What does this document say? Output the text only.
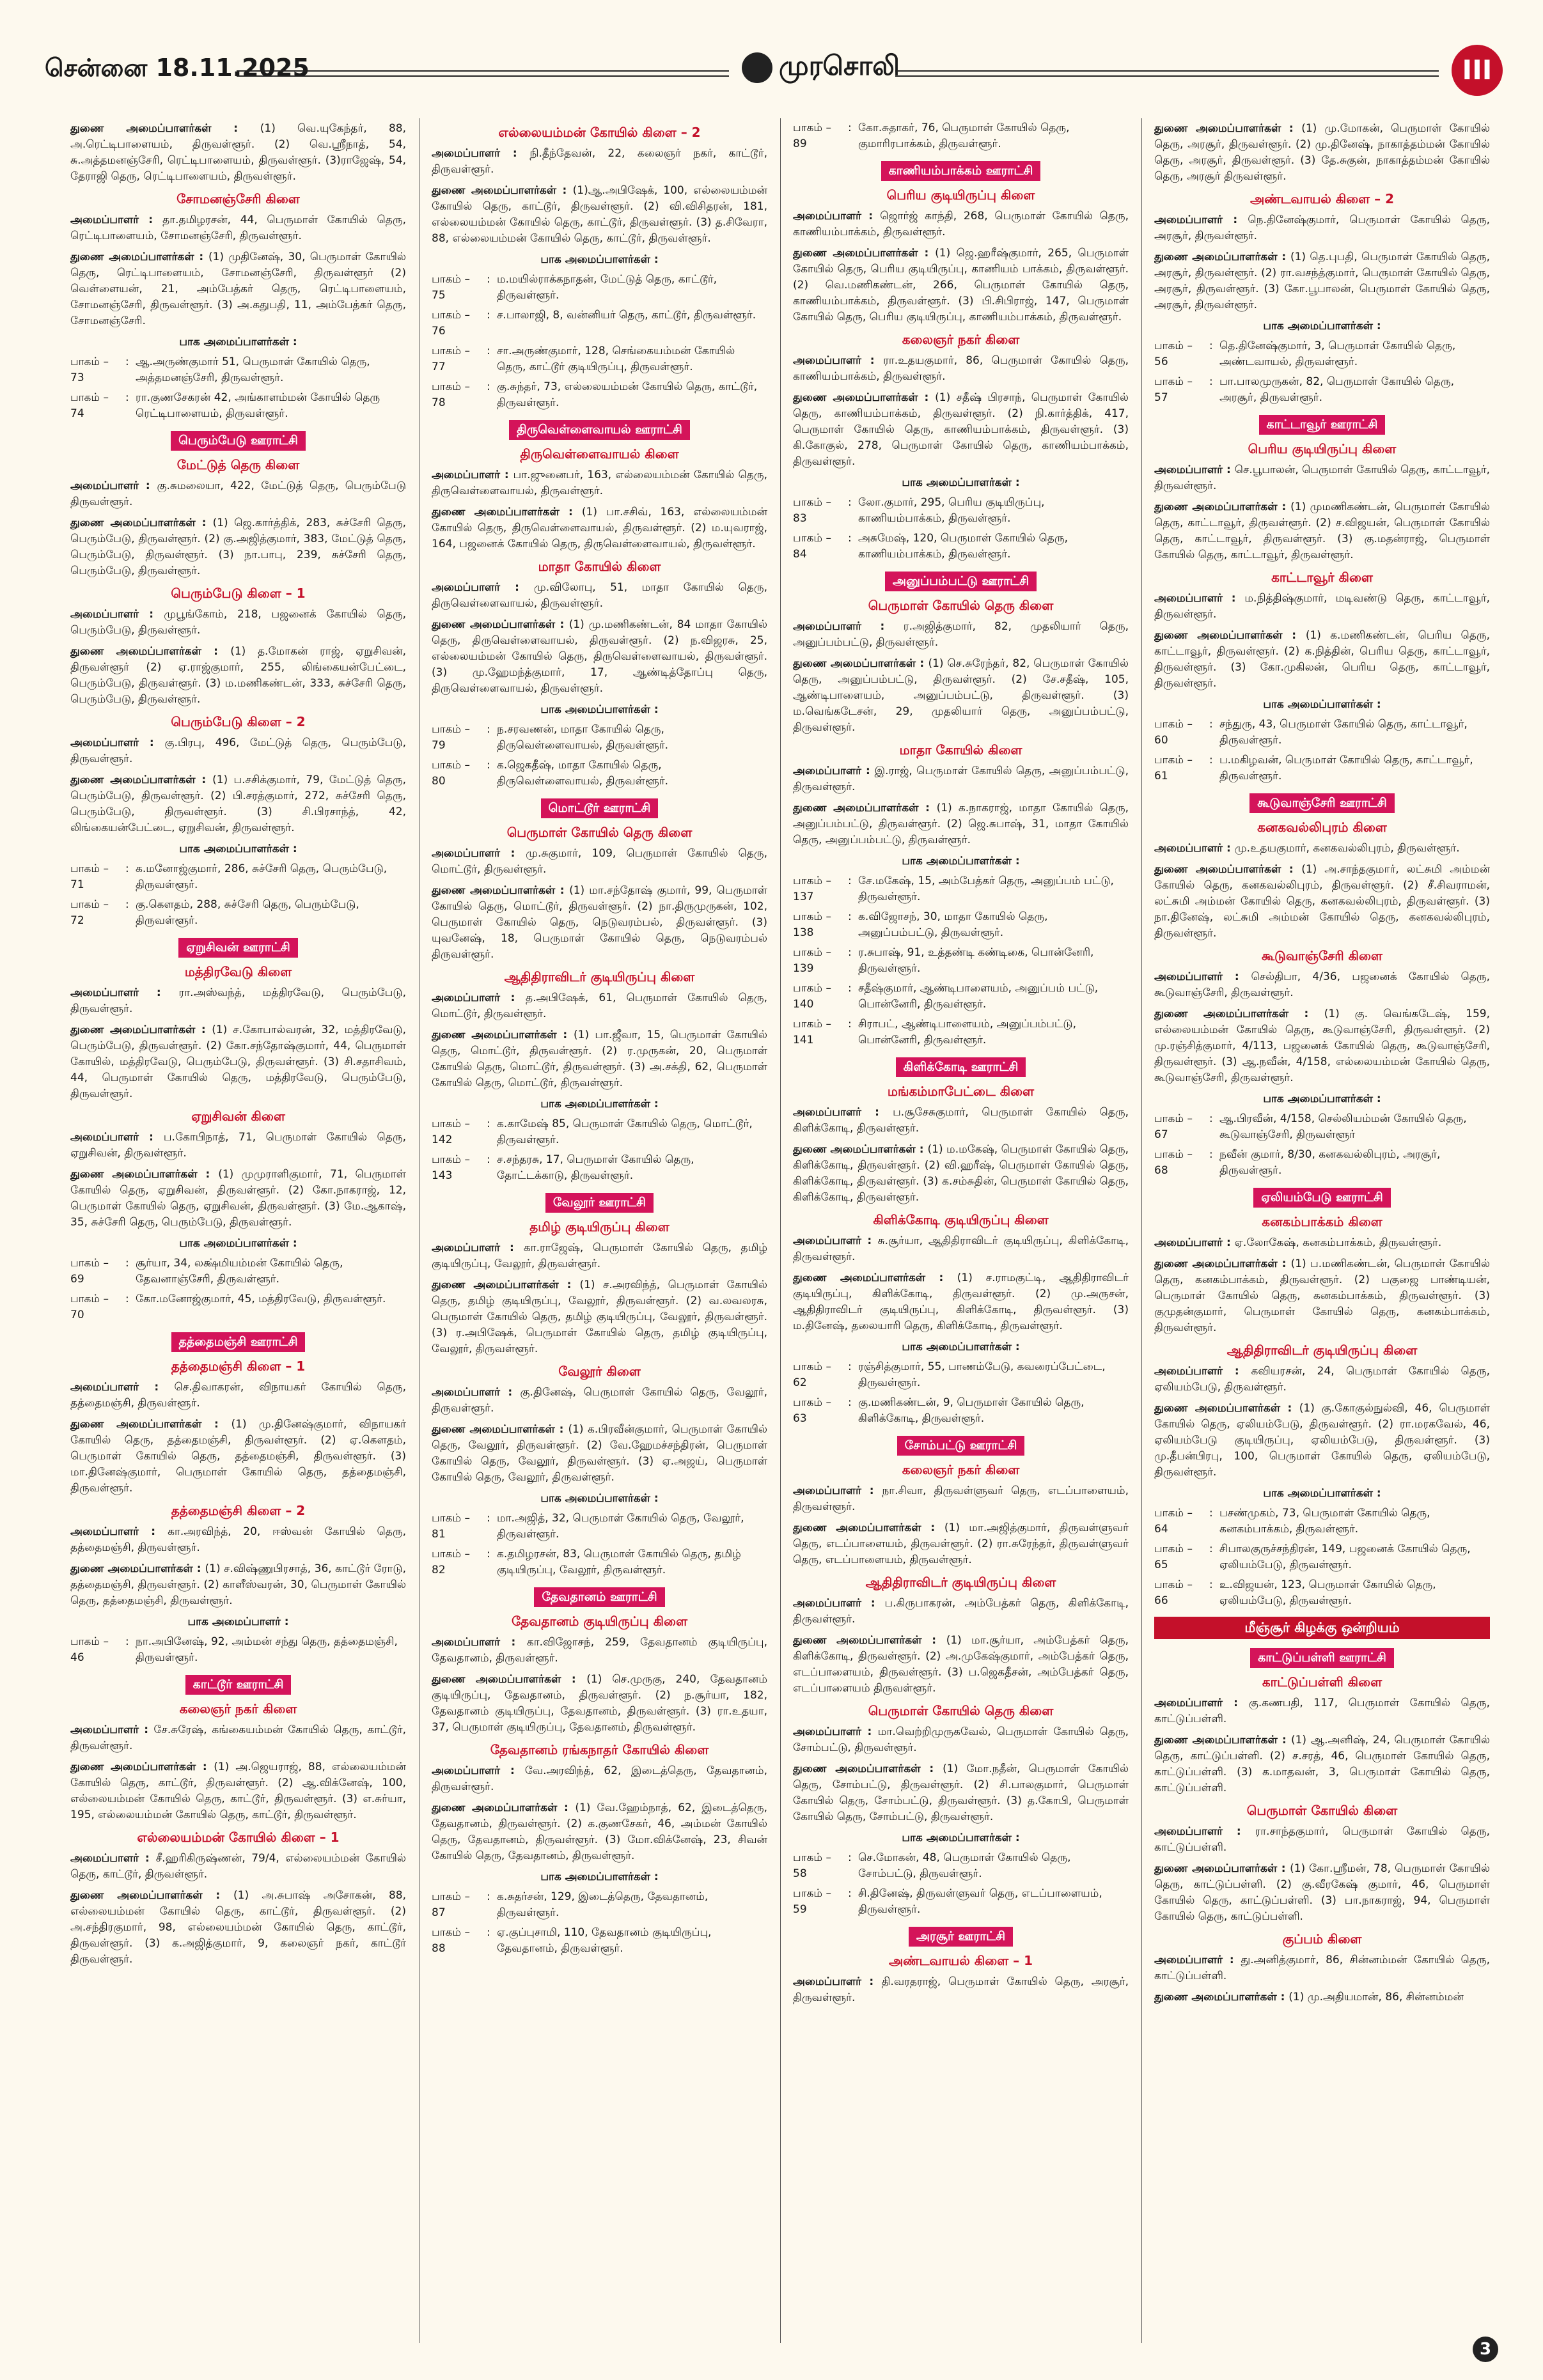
சென்னை 18.11.2025	முரசொலி	III
துணை அமைப்பாளர்கள் : (1) வெ.யுகேந்தர், 88, அ.ரெட்டிபாளையம், திருவள்ளூர். (2) வெ.ஸ்ரீநாத், 54, சு.அத்தமனஞ்சேரி, ரெட்டிபாளையம், திருவள்ளூர். (3)ராஜேஷ், 54, தேராஜி தெரு, ரெட்டிபாளையம், திருவள்ளூர்.
சோமனஞ்சேரி கிளை
அமைப்பாளர் : தா.தமிழரசன், 44, பெருமாள் கோயில் தெரு, ரெட்டிபாளையம், சோமனஞ்சேரி, திருவள்ளூர்.
துணை அமைப்பாளர்கள் : (1) முதினேஷ், 30, பெருமாள் கோயில் தெரு, ரெட்டிபாளையம், சோமனஞ்சேரி, திருவள்ளூர் (2) வெள்ளையன், 21, அம்பேத்கர் தெரு, ரெட்டிபாளையம், சோமனஞ்சேரி, திருவள்ளூர். (3) அ.கதுபதி, 11, அம்பேத்கர் தெரு, சோமனஞ்சேரி.
பாக அமைப்பாளர்கள் :
பாகம் – 73
: ஆ.அருண்குமார் 51, பெருமாள் கோயில் தெரு, அத்தமனஞ்சேரி, திருவள்ளூர்.
பாகம் – 74
: ரா.குணசேகரன் 42, அங்காளம்மன் கோயில் தெரு ரெட்டிபாளையம், திருவள்ளூர்.
பெரும்பேடு ஊராட்சி
மேட்டுத் தெரு கிளை
அமைப்பாளர் : கு.சுமலையா, 422, மேட்டுத் தெரு, பெரும்பேடு திருவள்ளூர்.
துணை அமைப்பாளர்கள் : (1) ஜெ.கார்த்திக், 283, சுச்சேரி தெரு, பெரும்பேடு, திருவள்ளூர். (2) கு.அஜித்குமார், 383, மேட்டுத் தெரு, பெரும்பேடு, திருவள்ளூர். (3) நா.பாபு, 239, சுச்சேரி தெரு, பெரும்பேடு, திருவள்ளூர்.
பெரும்பேடு கிளை – 1
அமைப்பாளர் : முபூங்கோம், 218, பஜனைக் கோயில் தெரு, பெரும்பேடு, திருவள்ளூர்.
துணை அமைப்பாளர்கள் : (1) த.மோகன் ராஜ், ஏறுசிவன், திருவள்ளூர் (2) ஏ.ராஜ்குமார், 255, லிங்கையன்பேட்டை, பெரும்பேடு, திருவள்ளூர். (3) ம.மணிகண்டன், 333, சுச்சேரி தெரு, பெரும்பேடு, திருவள்ளூர்.
பெரும்பேடு கிளை – 2
அமைப்பாளர் : கு.பிரபு, 496, மேட்டுத் தெரு, பெரும்பேடு, திருவள்ளூர்.
துணை அமைப்பாளர்கள் : (1) ப.சசிக்குமார், 79, மேட்டுத் தெரு, பெரும்பேடு, திருவள்ளூர். (2) பி.சரத்குமார், 272, சுச்சேரி தெரு, பெரும்பேடு, திருவள்ளூர். (3) சி.பிரசாந்த், 42, லிங்கையன்பேட்டை, ஏறுசிவன், திருவள்ளூர்.
பாக அமைப்பாளர்கள் :
பாகம் – 71
: க.மனோஜ்குமார், 286, சுச்சேரி தெரு, பெரும்பேடு, திருவள்ளூர்.
பாகம் – 72
: கு.கெளதம், 288, சுச்சேரி தெரு, பெரும்பேடு, திருவள்ளூர்.
ஏறுசிவன் ஊராட்சி
மத்திரவேடு கிளை
அமைப்பாளர் : ரா.அஸ்வந்த், மத்திரவேடு, பெரும்பேடு, திருவள்ளூர்.
துணை அமைப்பாளர்கள் : (1) ச.கோபால்வரன், 32, மத்திரவேடு, பெரும்பேடு, திருவள்ளூர். (2) கோ.சந்தோஷ்குமார், 44, பெருமாள் கோயில், மத்திரவேடு, பெரும்பேடு, திருவள்ளூர். (3) சி.சதாசிவம், 44, பெருமாள் கோயில் தெரு, மத்திரவேடு, பெரும்பேடு, திருவள்ளூர்.
ஏறுசிவன் கிளை
அமைப்பாளர் : ப.கோபிநாத், 71, பெருமாள் கோயில் தெரு, ஏறுசிவன், திருவள்ளூர்.
துணை அமைப்பாளர்கள் : (1) முமுராளிகுமார், 71, பெருமாள் கோயில் தெரு, ஏறுசிவன், திருவள்ளூர். (2) கோ.நாகராஜ், 12, பெருமாள் கோயில் தெரு, ஏறுசிவன், திருவள்ளூர். (3) மே.ஆகாஷ், 35, சுச்சேரி தெரு, பெரும்பேடு, திருவள்ளூர்.
பாக அமைப்பாளர்கள் :
பாகம் – 69
: சூர்யா, 34, லக்ஷ்மியம்மன் கோயில் தெரு, தேவனாஞ்சேரி, திருவள்ளூர்.
பாகம் – 70
: கோ.மனோஜ்குமார், 45, மத்திரவேடு, திருவள்ளூர்.
தத்தைமஞ்சி ஊராட்சி
தத்தைமஞ்சி கிளை – 1
அமைப்பாளர் : செ.திவாகரன், விநாயகர் கோயில் தெரு, தத்தைமஞ்சி, திருவள்ளூர்.
துணை அமைப்பாளர்கள் : (1) மு.தினேஷ்குமார், விநாயகர் கோயில் தெரு, தத்தைமஞ்சி, திருவள்ளூர். (2) ஏ.கௌதம், பெருமாள் கோயில் தெரு, தத்தைமஞ்சி, திருவள்ளூர். (3) மா.தினேஷ்குமார், பெருமாள் கோயில் தெரு, தத்தைமஞ்சி, திருவள்ளூர்.
தத்தைமஞ்சி கிளை – 2
அமைப்பாளர் : கா.அரவிந்த், 20, ஈஸ்வன் கோயில் தெரு, தத்தைமஞ்சி, திருவள்ளூர்.
துணை அமைப்பாளர்கள் : (1) ச.விஷ்ணுபிரசாத், 36, காட்டூர் ரோடு, தத்தைமஞ்சி, திருவள்ளூர். (2) காளீஸ்வரன், 30, பெருமாள் கோயில் தெரு, தத்தைமஞ்சி, திருவள்ளூர்.
பாக அமைப்பாளர் :
பாகம் – 46
: நா.அபினேஷ், 92, அம்மன் சந்து தெரு, தத்தைமஞ்சி, திருவள்ளூர்.
காட்டூர் ஊராட்சி
கலைஞர் நகர் கிளை
அமைப்பாளர் : சே.சுரேஷ், கங்கையம்மன் கோயில் தெரு, காட்டூர், திருவள்ளூர்.
துணை அமைப்பாளர்கள் : (1) அ.ஜெயராஜ், 88, எல்லையம்மன் கோயில் தெரு, காட்டூர், திருவள்ளூர். (2) ஆ.விக்னேஷ், 100, எல்லையம்மன் கோயில் தெரு, காட்டூர், திருவள்ளூர். (3) எ.சுர்யா, 195, எல்லையம்மன் கோயில் தெரு, காட்டூர், திருவள்ளூர்.
எல்லையம்மன் கோயில் கிளை – 1
அமைப்பாளர் : சீ.ஹரிகிருஷ்ணன், 79/4, எல்லையம்மன் கோயில் தெரு, காட்டூர், திருவள்ளூர்.
துணை அமைப்பாளர்கள் : (1) அ.சுபாஷ் அசோகன், 88, எல்லையம்மன் கோயில் தெரு, காட்டூர், திருவள்ளூர். (2) அ.சந்திரகுமார், 98, எல்லையம்மன் கோயில் தெரு, காட்டூர், திருவள்ளூர். (3) க.அஜித்குமார், 9, கலைஞர் நகர், காட்டூர் திருவள்ளூர்.
எல்லையம்மன் கோயில் கிளை – 2
அமைப்பாளர் : நி.தீந்தேவன், 22, கலைஞர் நகர், காட்டூர், திருவள்ளூர்.
துணை அமைப்பாளர்கள் : (1)ஆ.அபிஷேக், 100, எல்லையம்மன் கோயில் தெரு, காட்டூர், திருவள்ளூர். (2) வி.விசிதரன், 181, எல்லையம்மன் கோயில் தெரு, காட்டூர், திருவள்ளூர். (3) த.சிவேரா, 88, எல்லையம்மன் கோயில் தெரு, காட்டூர், திருவள்ளூர்.
பாக அமைப்பாளர்கள் :
பாகம் – 75
: ம.மயில்ராக்கநாதன், மேட்டுத் தெரு, காட்டூர், திருவள்ளூர்.
பாகம் – 76
: ச.பாலாஜி, 8, வன்னியர் தெரு, காட்டூர், திருவள்ளூர்.
பாகம் – 77
: சா.அருண்குமார், 128, செங்கையம்மன் கோயில் தெரு, காட்டூர் குடியிருப்பு, திருவள்ளூர்.
பாகம் – 78
: கு.சுந்தர், 73, எல்லையம்மன் கோயில் தெரு, காட்டூர், திருவள்ளூர்.
திருவெள்ளைவாயல் ஊராட்சி
திருவெள்ளைவாயல் கிளை
அமைப்பாளர் : பா.ஜுனைபர், 163, எல்லையம்மன் கோயில் தெரு, திருவெள்ளைவாயல், திருவள்ளூர்.
துணை அமைப்பாளர்கள் : (1) பா.சசிவ், 163, எல்லையம்மன் கோயில் தெரு, திருவெள்ளைவாயல், திருவள்ளூர். (2) ம.யுவராஜ், 164, பஜனைக் கோயில் தெரு, திருவெள்ளைவாயல், திருவள்ளூர்.
மாதா கோயில் கிளை
அமைப்பாளர் : மு.விலோபு, 51, மாதா கோயில் தெரு, திருவெள்ளைவாயல், திருவள்ளூர்.
துணை அமைப்பாளர்கள் : (1) மு.மணிகண்டன், 84 மாதா கோயில் தெரு, திருவெள்ளைவாயல், திருவள்ளூர். (2) ந.விஜரசு, 25, எல்லையம்மன் கோயில் தெரு, திருவெள்ளைவாயல், திருவள்ளூர். (3) மு.ஹேமந்த்குமார், 17, ஆண்டித்தோப்பு தெரு, திருவெள்ளைவாயல், திருவள்ளூர்.
பாக அமைப்பாளர்கள் :
பாகம் – 79
: ந.சரவணன், மாதா கோயில் தெரு, திருவெள்ளைவாயல், திருவள்ளூர்.
பாகம் – 80
: க.ஜெகதீஷ், மாதா கோயில் தெரு, திருவெள்ளைவாயல், திருவள்ளூர்.
மொட்டூர் ஊராட்சி
பெருமாள் கோயில் தெரு கிளை
அமைப்பாளர் : மு.சுகுமார், 109, பெருமாள் கோயில் தெரு, மொட்டூர், திருவள்ளூர்.
துணை அமைப்பாளர்கள் : (1) மா.சந்தோஷ் குமார், 99, பெருமாள் கோயில் தெரு, மொட்டூர், திருவள்ளூர். (2) நா.திருமுருகன், 102, பெருமாள் கோயில் தெரு, நெடுவரம்பல், திருவள்ளூர். (3) யுவனேஷ், 18, பெருமாள் கோயில் தெரு, நெடுவரம்பல் திருவள்ளூர்.
ஆதிதிராவிடர் குடியிருப்பு கிளை
அமைப்பாளர் : த.அபிஷேக், 61, பெருமாள் கோயில் தெரு, மொட்டூர், திருவள்ளூர்.
துணை அமைப்பாளர்கள் : (1) பா.ஜீவா, 15, பெருமாள் கோயில் தெரு, மொட்டூர், திருவள்ளூர். (2) ர.முருகன், 20, பெருமாள் கோயில் தெரு, மொட்டூர், திருவள்ளூர். (3) அ.சக்தி, 62, பெருமாள் கோயில் தெரு, மொட்டூர், திருவள்ளூர்.
பாக அமைப்பாளர்கள் :
பாகம் – 142
: க.காமேஷ் 85, பெருமாள் கோயில் தெரு, மொட்டூர், திருவள்ளூர்.
பாகம் – 143
: ச.சந்தரசு, 17, பெருமாள் கோயில் தெரு, தோட்டக்காடு, திருவள்ளூர்.
வேலூர் ஊராட்சி
தமிழ் குடியிருப்பு கிளை
அமைப்பாளர் : கா.ராஜேஷ், பெருமாள் கோயில் தெரு, தமிழ் குடியிருப்பு, வேலூர், திருவள்ளூர்.
துணை அமைப்பாளர்கள் : (1) ச.அரவிந்த், பெருமாள் கோயில் தெரு, தமிழ் குடியிருப்பு, வேலூர், திருவள்ளூர். (2) வ.லவலரசு, பெருமாள் கோயில் தெரு, தமிழ் குடியிருப்பு, வேலூர், திருவள்ளூர். (3) ர.அபிஷேக், பெருமாள் கோயில் தெரு, தமிழ் குடியிருப்பு, வேலூர், திருவள்ளூர்.
வேலூர் கிளை
அமைப்பாளர் : கு.தினேஷ், பெருமாள் கோயில் தெரு, வேலூர், திருவள்ளூர்.
துணை அமைப்பாளர்கள் : (1) க.பிரவீன்குமார், பெருமாள் கோயில் தெரு, வேலூர், திருவள்ளூர். (2) வே.ஹேமச்சந்திரன், பெருமாள் கோயில் தெரு, வேலூர், திருவள்ளூர். (3) ஏ.அஜய், பெருமாள் கோயில் தெரு, வேலூர், திருவள்ளூர்.
பாக அமைப்பாளர்கள் :
பாகம் – 81
: மா.அஜித், 32, பெருமாள் கோயில் தெரு, வேலூர், திருவள்ளூர்.
பாகம் – 82
: க.தமிழரசன், 83, பெருமாள் கோயில் தெரு, தமிழ் குடியிருப்பு, வேலூர், திருவள்ளூர்.
தேவதானம் ஊராட்சி
தேவதானம் குடியிருப்பு கிளை
அமைப்பாளர் : கா.விஜோசந், 259, தேவதானம் குடியிருப்பு, தேவதானம், திருவள்ளூர்.
துணை அமைப்பாளர்கள் : (1) செ.முருகு, 240, தேவதானம் குடியிருப்பு, தேவதானம், திருவள்ளூர். (2) ந.சூர்யா, 182, தேவதானம் குடியிருப்பு, தேவதானம், திருவள்ளூர். (3) ரா.உதயா, 37, பெருமாள் குடியிருப்பு, தேவதானம், திருவள்ளூர்.
தேவதானம் ரங்கநாதர் கோயில் கிளை
அமைப்பாளர் : வே.அரவிந்த், 62, இடைத்தெரு, தேவதானம், திருவள்ளூர்.
துணை அமைப்பாளர்கள் : (1) வே.ஹேம்நாத், 62, இடைத்தெரு, தேவதானம், திருவள்ளூர். (2) க.குணசேகர், 46, அம்மன் கோயில் தெரு, தேவதானம், திருவள்ளூர். (3) மோ.விக்னேஷ், 23, சிவன் கோயில் தெரு, தேவதானம், திருவள்ளூர்.
பாக அமைப்பாளர்கள் :
பாகம் – 87
: க.சுதர்சன், 129, இடைத்தெரு, தேவதானம், திருவள்ளூர்.
பாகம் – 88
: ஏ.குப்புசாமி, 110, தேவதானம் குடியிருப்பு, தேவதானம், திருவள்ளூர்.
பாகம் – 89
: கோ.சுதாகர், 76, பெருமாள் கோயில் தெரு, குமாரிரபாக்கம், திருவள்ளூர்.
காணியம்பாக்கம் ஊராட்சி
பெரிய குடியிருப்பு கிளை
அமைப்பாளர் : ஜொர்ஜ் காந்தி, 268, பெருமாள் கோயில் தெரு, காணியம்பாக்கம், திருவள்ளூர்.
துணை அமைப்பாளர்கள் : (1) ஜெ.ஹரீஷ்குமார், 265, பெருமாள் கோயில் தெரு, பெரிய குடியிருப்பு, காணியம் பாக்கம், திருவள்ளூர். (2) வெ.மணிகண்டன், 266, பெருமாள் கோயில் தெரு, காணியம்பாக்கம், திருவள்ளூர். (3) பி.சிபிராஜ், 147, பெருமாள் கோயில் தெரு, பெரிய குடியிருப்பு, காணியம்பாக்கம், திருவள்ளூர்.
கலைஞர் நகர் கிளை
அமைப்பாளர் : ரா.உதயகுமார், 86, பெருமாள் கோயில் தெரு, காணியம்பாக்கம், திருவள்ளூர்.
துணை அமைப்பாளர்கள் : (1) சதீஷ் பிரசாந், பெருமாள் கோயில் தெரு, காணியம்பாக்கம், திருவள்ளூர். (2) நி.கார்த்திக், 417, பெருமாள் கோயில் தெரு, காணியம்பாக்கம், திருவள்ளூர். (3) கி.கோகுல், 278, பெருமாள் கோயில் தெரு, காணியம்பாக்கம், திருவள்ளூர்.
பாக அமைப்பாளர்கள் :
பாகம் – 83
: லோ.குமார், 295, பெரிய குடியிருப்பு, காணியம்பாக்கம், திருவள்ளூர்.
பாகம் – 84
: அசுமேஷ், 120, பெருமாள் கோயில் தெரு, காணியம்பாக்கம், திருவள்ளூர்.
அனுப்பம்பட்டு ஊராட்சி
பெருமாள் கோயில் தெரு கிளை
அமைப்பாளர் : ர.அஜித்குமார், 82, முதலியார் தெரு, அனுப்பம்பட்டு, திருவள்ளூர்.
துணை அமைப்பாளர்கள் : (1) செ.சுரேந்தர், 82, பெருமாள் கோயில் தெரு, அனுப்பம்பட்டு, திருவள்ளூர். (2) சே.சதீஷ், 105, ஆண்டிபாளையம், அனுப்பம்பட்டு, திருவள்ளூர். (3) ம.வெங்கடேசன், 29, முதலியார் தெரு, அனுப்பம்பட்டு, திருவள்ளூர்.
மாதா கோயில் கிளை
அமைப்பாளர் : இ.ராஜ், பெருமாள் கோயில் தெரு, அனுப்பம்பட்டு, திருவள்ளூர்.
துணை அமைப்பாளர்கள் : (1) க.நாகராஜ், மாதா கோயில் தெரு, அனுப்பம்பட்டு, திருவள்ளூர். (2) ஜெ.சுபாஷ், 31, மாதா கோயில் தெரு, அனுப்பம்பட்டு, திருவள்ளூர்.
பாக அமைப்பாளர்கள் :
பாகம் – 137
: சே.மகேஷ், 15, அம்பேத்கர் தெரு, அனுப்பம் பட்டு, திருவள்ளூர்.
பாகம் – 138
: க.விஜோசந், 30, மாதா கோயில் தெரு, அனுப்பம்பட்டு, திருவள்ளூர்.
பாகம் – 139
: ர.சுபாஷ், 91, உத்தண்டி கண்டிகை, பொன்னேரி, திருவள்ளூர்.
பாகம் – 140
: சதீஷ்குமார், ஆண்டிபாளையம், அனுப்பம் பட்டு, பொன்னேரி, திருவள்ளூர்.
பாகம் – 141
: சிராபட், ஆண்டிபாளையம், அனுப்பம்பட்டு, பொன்னேரி, திருவள்ளூர்.
கிளிக்கோடி ஊராட்சி
மங்கம்மாபேட்டை கிளை
அமைப்பாளர் : ப.சூசேசுகுமார், பெருமாள் கோயில் தெரு, கிளிக்கோடி, திருவள்ளூர்.
துணை அமைப்பாளர்கள் : (1) ம.மகேஷ், பெருமாள் கோயில் தெரு, கிளிக்கோடி, திருவள்ளூர். (2) வி.ஹரீஷ், பெருமாள் கோயில் தெரு, கிளிக்கோடி, திருவள்ளூர். (3) க.சம்சுதின், பெருமாள் கோயில் தெரு, கிளிக்கோடி, திருவள்ளூர்.
கிளிக்கோடி குடியிருப்பு கிளை
அமைப்பாளர் : சு.சூர்யா, ஆதிதிராவிடர் குடியிருப்பு, கிளிக்கோடி, திருவள்ளூர்.
துணை அமைப்பாளர்கள் : (1) ச.ராமகுட்டி, ஆதிதிராவிடர் குடியிருப்பு, கிளிக்கோடி, திருவள்ளூர். (2) மு.அருசன், ஆதிதிராவிடர் குடியிருப்பு, கிளிக்கோடி, திருவள்ளூர். (3) ம.தினேஷ், தலையாரி தெரு, கிளிக்கோடி, திருவள்ளூர்.
பாக அமைப்பாளர்கள் :
பாகம் – 62
: ரஞ்சித்குமார், 55, பாணம்பேடு, கவரைப்பேட்டை, திருவள்ளூர்.
பாகம் – 63
: கு.மணிகண்டன், 9, பெருமாள் கோயில் தெரு, கிளிக்கோடி, திருவள்ளூர்.
சோம்பட்டு ஊராட்சி
கலைஞர் நகர் கிளை
அமைப்பாளர் : நா.சிவா, திருவள்ளுவர் தெரு, எடப்பாளையம், திருவள்ளூர்.
துணை அமைப்பாளர்கள் : (1) மா.அஜித்குமார், திருவள்ளுவர் தெரு, எடப்பாளையம், திருவள்ளூர். (2) ரா.சுரேந்தர், திருவள்ளுவர் தெரு, எடப்பாளையம், திருவள்ளூர்.
ஆதிதிராவிடர் குடியிருப்பு கிளை
அமைப்பாளர் : ப.கிருபாகரன், அம்பேத்கர் தெரு, கிளிக்கோடி, திருவள்ளூர்.
துணை அமைப்பாளர்கள் : (1) மா.சூர்யா, அம்பேத்கர் தெரு, கிளிக்கோடி, திருவள்ளூர். (2) அ.முகேஷ்குமார், அம்பேத்கர் தெரு, எடப்பாளையம், திருவள்ளூர். (3) ப.ஜெகதீசன், அம்பேத்கர் தெரு, எடப்பாளையம் திருவள்ளூர்.
பெருமாள் கோயில் தெரு கிளை
அமைப்பாளர் : மா.வெற்றிமுருகவேல், பெருமாள் கோயில் தெரு, சோம்பட்டு, திருவள்ளூர்.
துணை அமைப்பாளர்கள் : (1) மோ.நதீன், பெருமாள் கோயில் தெரு, சோம்பட்டு, திருவள்ளூர். (2) சி.பாலகுமார், பெருமாள் கோயில் தெரு, சோம்பட்டு, திருவள்ளூர். (3) த.கோபி, பெருமாள் கோயில் தெரு, சோம்பட்டு, திருவள்ளூர்.
பாக அமைப்பாளர்கள் :
பாகம் – 58
: செ.மோகன், 48, பெருமாள் கோயில் தெரு, சோம்பட்டு, திருவள்ளூர்.
பாகம் – 59
: சி.தினேஷ், திருவள்ளுவர் தெரு, எடப்பாளையம், திருவள்ளூர்.
அரசூர் ஊராட்சி
அண்டவாயல் கிளை – 1
அமைப்பாளர் : தி.வரதராஜ், பெருமாள் கோயில் தெரு, அரசூர், திருவள்ளூர்.
துணை அமைப்பாளர்கள் : (1) மு.மோகன், பெருமாள் கோயில் தெரு, அரசூர், திருவள்ளூர். (2) மு.தினேஷ், நாகாத்தம்மன் கோயில் தெரு, அரசூர், திருவள்ளூர். (3) தே.சுகுன், நாகாத்தம்மன் கோயில் தெரு, அரசூர் திருவள்ளூர்.
அண்டவாயல் கிளை – 2
அமைப்பாளர் : நெ.தினேஷ்குமார், பெருமாள் கோயில் தெரு, அரசூர், திருவள்ளூர்.
துணை அமைப்பாளர்கள் : (1) தெ.புபதி, பெருமாள் கோயில் தெரு, அரசூர், திருவள்ளூர். (2) ரா.வசந்த்குமார், பெருமாள் கோயில் தெரு, அரசூர், திருவள்ளூர். (3) கோ.பூபாலன், பெருமாள் கோயில் தெரு, அரசூர், திருவள்ளூர்.
பாக அமைப்பாளர்கள் :
பாகம் – 56
: தெ.தினேஷ்குமார், 3, பெருமாள் கோயில் தெரு, அண்டவாயல், திருவள்ளூர்.
பாகம் – 57
: பா.பாலமுருகன், 82, பெருமாள் கோயில் தெரு, அரசூர், திருவள்ளூர்.
காட்டாவூர் ஊராட்சி
பெரிய குடியிருப்பு கிளை
அமைப்பாளர் : செ.பூபாலன், பெருமாள் கோயில் தெரு, காட்டாவூர், திருவள்ளூர்.
துணை அமைப்பாளர்கள் : (1) முமணிகண்டன், பெருமாள் கோயில் தெரு, காட்டாவூர், திருவள்ளூர். (2) ச.விஜயன், பெருமாள் கோயில் தெரு, காட்டாவூர், திருவள்ளூர். (3) கு.மதன்ராஜ், பெருமாள் கோயில் தெரு, காட்டாவூர், திருவள்ளூர்.
காட்டாவூர் கிளை
அமைப்பாளர் : ம.நித்திஷ்குமார், மடிவண்டு தெரு, காட்டாவூர், திருவள்ளூர்.
துணை அமைப்பாளர்கள் : (1) க.மணிகண்டன், பெரிய தெரு, காட்டாவூர், திருவள்ளூர். (2) க.நித்தின், பெரிய தெரு, காட்டாவூர், திருவள்ளூர். (3) கோ.முகிலன், பெரிய தெரு, காட்டாவூர், திருவள்ளூர்.
பாக அமைப்பாளர்கள் :
பாகம் – 60
: சந்துரு, 43, பெருமாள் கோயில் தெரு, காட்டாவூர், திருவள்ளூர்.
பாகம் – 61
: ப.மகிழவன், பெருமாள் கோயில் தெரு, காட்டாவூர், திருவள்ளூர்.
கூடுவாஞ்சேரி ஊராட்சி
கனகவல்லிபுரம் கிளை
அமைப்பாளர் : மு.உதயகுமார், கனகவல்லிபுரம், திருவள்ளூர்.
துணை அமைப்பாளர்கள் : (1) அ.சாந்தகுமார், லட்சுமி அம்மன் கோயில் தெரு, கனகவல்லிபுரம், திருவள்ளூர். (2) சீ.சிவராமன், லட்சுமி அம்மன் கோயில் தெரு, கனகவல்லிபுரம், திருவள்ளூர். (3) நா.தினேஷ், லட்சுமி அம்மன் கோயில் தெரு, கனகவல்லிபுரம், திருவள்ளூர்.
கூடுவாஞ்சேரி கிளை
அமைப்பாளர் : செல்திபா, 4/36, பஜனைக் கோயில் தெரு, கூடுவாஞ்சேரி, திருவள்ளூர்.
துணை அமைப்பாளர்கள் : (1) கு. வெங்கடேஷ், 159, எல்லையம்மன் கோயில் தெரு, கூடுவாஞ்சேரி, திருவள்ளூர். (2) மு.ரஞ்சித்குமார், 4/113, பஜனைக் கோயில் தெரு, கூடுவாஞ்சேரி, திருவள்ளூர். (3) ஆ.நவீன், 4/158, எல்லையம்மன் கோயில் தெரு, கூடுவாஞ்சேரி, திருவள்ளூர்.
பாக அமைப்பாளர்கள் :
பாகம் – 67
: ஆ.பிரவீன், 4/158, செல்லியம்மன் கோயில் தெரு, கூடுவாஞ்சேரி, திருவள்ளூர்
பாகம் – 68
: நவீன் குமார், 8/30, கனகவல்லிபுரம், அரசூர், திருவள்ளூர்.
ஏலியம்பேடு ஊராட்சி
கனகம்பாக்கம் கிளை
அமைப்பாளர் : ஏ.லோகேஷ், கனகம்பாக்கம், திருவள்ளூர்.
துணை அமைப்பாளர்கள் : (1) ப.மணிகண்டன், பெருமாள் கோயில் தெரு, கனகம்பாக்கம், திருவள்ளூர். (2) பகுஜை பாண்டியன், பெருமாள் கோயில் தெரு, கனகம்பாக்கம், திருவள்ளூர். (3) குமுதன்குமார், பெருமாள் கோயில் தெரு, கனகம்பாக்கம், திருவள்ளூர்.
ஆதிதிராவிடர் குடியிருப்பு கிளை
அமைப்பாளர் : கவியரசன், 24, பெருமாள் கோயில் தெரு, ஏலியம்பேடு, திருவள்ளூர்.
துணை அமைப்பாளர்கள் : (1) கு.கோகுல்நுல்வி, 46, பெருமாள் கோயில் தெரு, ஏலியம்பேடு, திருவள்ளூர். (2) ரா.மரகவேல், 46, ஏலியம்பேடு குடியிருப்பு, ஏலியம்பேடு, திருவள்ளூர். (3) மு.தீபன்பிரபு, 100, பெருமாள் கோயில் தெரு, ஏலியம்பேடு, திருவள்ளூர்.
பாக அமைப்பாளர்கள் :
பாகம் – 64
: பசண்முகம், 73, பெருமாள் கோயில் தெரு, கனகம்பாக்கம், திருவள்ளூர்.
பாகம் – 65
: சிபாலகுருச்சந்திரன், 149, பஜனைக் கோயில் தெரு, ஏலியம்பேடு, திருவள்ளூர்.
பாகம் – 66
: உ.விஜயன், 123, பெருமாள் கோயில் தெரு, ஏலியம்பேடு, திருவள்ளூர்.
மீஞ்சூர் கிழக்கு ஒன்றியம்
காட்டுப்பள்ளி ஊராட்சி
காட்டுப்பள்ளி கிளை
அமைப்பாளர் : கு.கணபதி, 117, பெருமாள் கோயில் தெரு, காட்டுப்பள்ளி.
துணை அமைப்பாளர்கள் : (1) ஆ.அனிஷ், 24, பெருமாள் கோயில் தெரு, காட்டுப்பள்ளி. (2) ச.சரத், 46, பெருமாள் கோயில் தெரு, காட்டுப்பள்ளி. (3) க.மாதவன், 3, பெருமாள் கோயில் தெரு, காட்டுப்பள்ளி.
பெருமாள் கோயில் கிளை
அமைப்பாளர் : ரா.சாந்தகுமார், பெருமாள் கோயில் தெரு, காட்டுப்பள்ளி.
துணை அமைப்பாளர்கள் : (1) கோ.ஸ்ரீமன், 78, பெருமாள் கோயில் தெரு, காட்டுப்பள்ளி. (2) கு.வீரகேஷ் குமார், 46, பெருமாள் கோயில் தெரு, காட்டுப்பள்ளி. (3) பா.நாகராஜ், 94, பெருமாள் கோயில் தெரு, காட்டுப்பள்ளி.
குப்பம் கிளை
அமைப்பாளர் : து.அனித்குமார், 86, சின்னம்மன் கோயில் தெரு, காட்டுப்பள்ளி.
துணை அமைப்பாளர்கள் : (1) மு.அதியமான், 86, சின்னம்மன்
3
